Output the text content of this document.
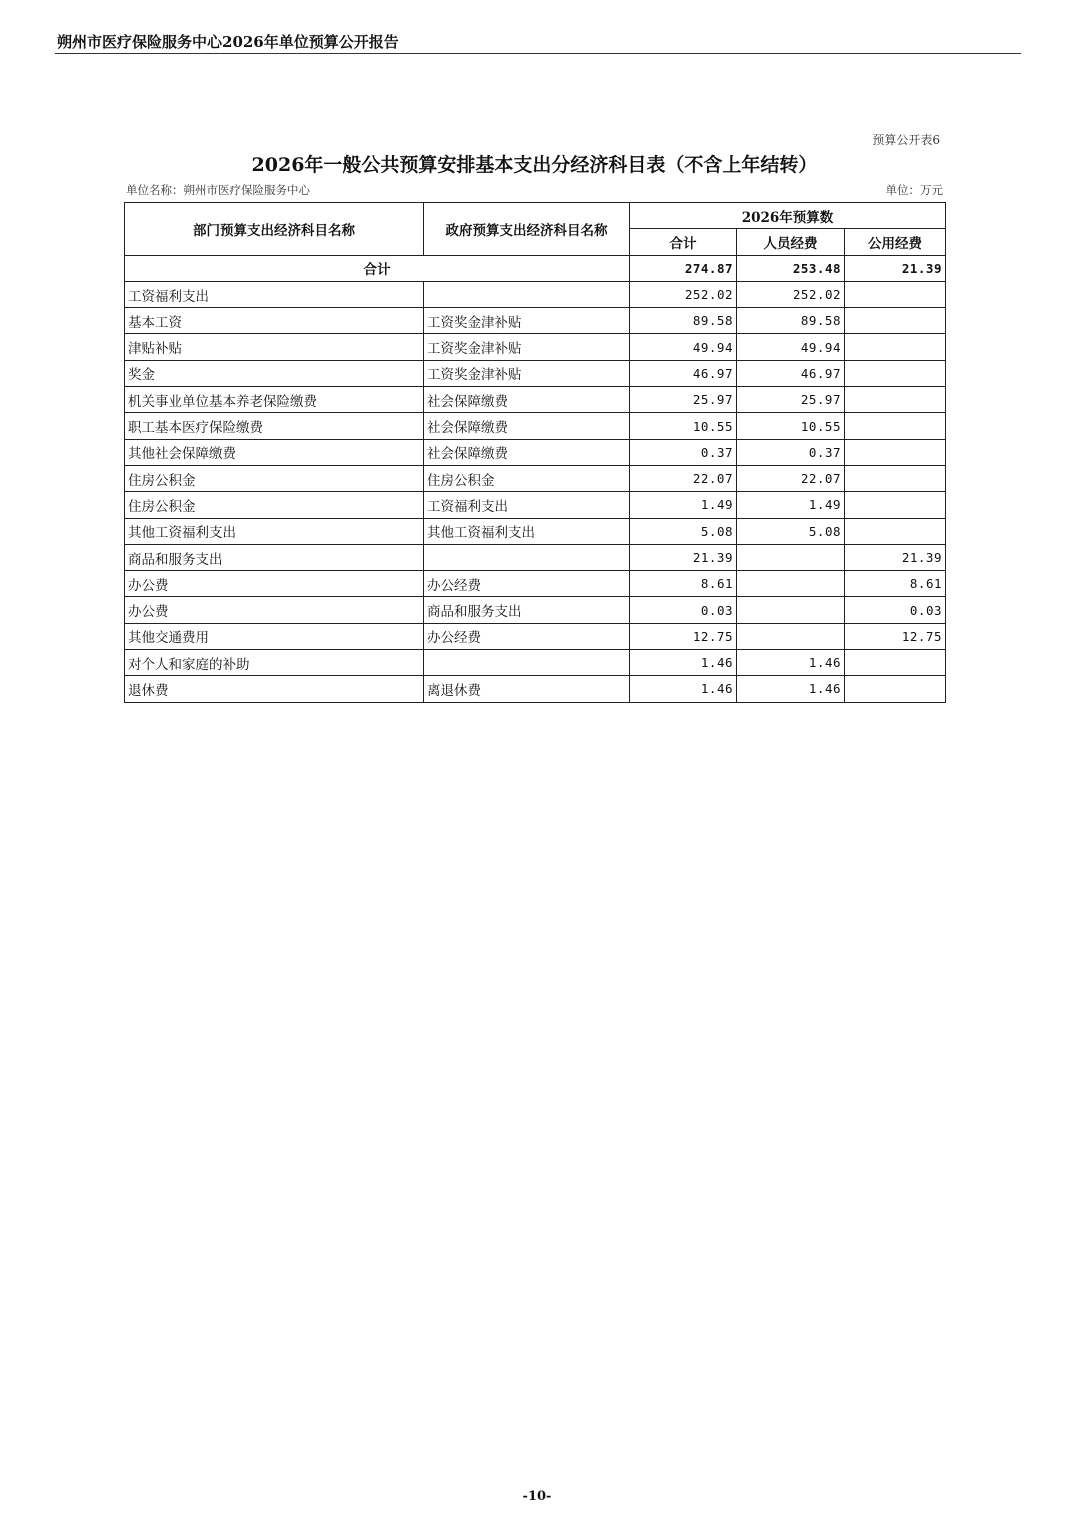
朔州市医疗保险服务中心2026年单位预算公开报告
预算公开表6
2026年一般公共预算安排基本支出分经济科目表（不含上年结转）
单位名称：朔州市医疗保险服务中心	单位：万元
部门预算支出经济科目名称	政府预算支出经济科目名称	2026年预算数		
		合计	人员经费	公用经费
合计		274.87	253.48	21.39
工资福利支出		252.02	252.02	
基本工资	工资奖金津补贴	89.58	89.58	
津贴补贴	工资奖金津补贴	49.94	49.94	
奖金	工资奖金津补贴	46.97	46.97	
机关事业单位基本养老保险缴费	社会保障缴费	25.97	25.97	
职工基本医疗保险缴费	社会保障缴费	10.55	10.55	
其他社会保障缴费	社会保障缴费	0.37	0.37	
住房公积金	住房公积金	22.07	22.07	
住房公积金	工资福利支出	1.49	1.49	
其他工资福利支出	其他工资福利支出	5.08	5.08	
商品和服务支出		21.39		21.39
办公费	办公经费	8.61		8.61
办公费	商品和服务支出	0.03		0.03
其他交通费用	办公经费	12.75		12.75
对个人和家庭的补助		1.46	1.46	
退休费	离退休费	1.46	1.46	
-10-
